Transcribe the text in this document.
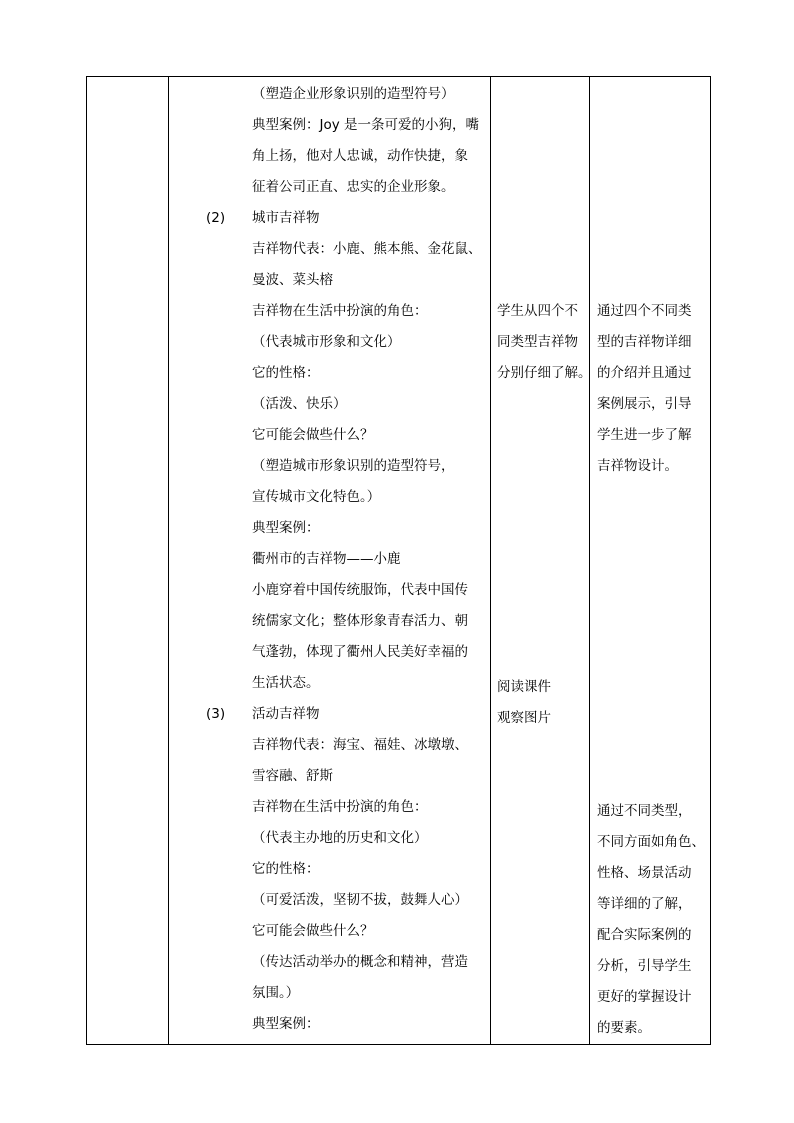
（塑造企业形象识别的造型符号）
典型案例：Joy 是一条可爱的小狗，嘴
角上扬，他对人忠诚，动作快捷，象
征着公司正直、忠实的企业形象。
(2)	城市吉祥物
吉祥物代表：小鹿、熊本熊、金花鼠、
曼波、菜头榕
吉祥物在生活中扮演的角色：
（代表城市形象和文化）
它的性格：
（活泼、快乐）
它可能会做些什么？
（塑造城市形象识别的造型符号，
宣传城市文化特色。）
典型案例：
衢州市的吉祥物——小鹿
小鹿穿着中国传统服饰，代表中国传
统儒家文化；整体形象青春活力、朝
气蓬勃，体现了衢州人民美好幸福的
生活状态。
(3)	活动吉祥物
吉祥物代表：海宝、福娃、冰墩墩、
雪容融、舒斯
吉祥物在生活中扮演的角色：
（代表主办地的历史和文化）
它的性格：
（可爱活泼，坚韧不拔，鼓舞人心）
它可能会做些什么？
（传达活动举办的概念和精神，营造
氛围。）
典型案例：

学生从四个不
同类型吉祥物
分别仔细了解。
阅读课件
观察图片

通过四个不同类
型的吉祥物详细
的介绍并且通过
案例展示，引导
学生进一步了解
吉祥物设计。
通过不同类型，
不同方面如角色、
性格、场景活动
等详细的了解，
配合实际案例的
分析，引导学生
更好的掌握设计
的要素。
